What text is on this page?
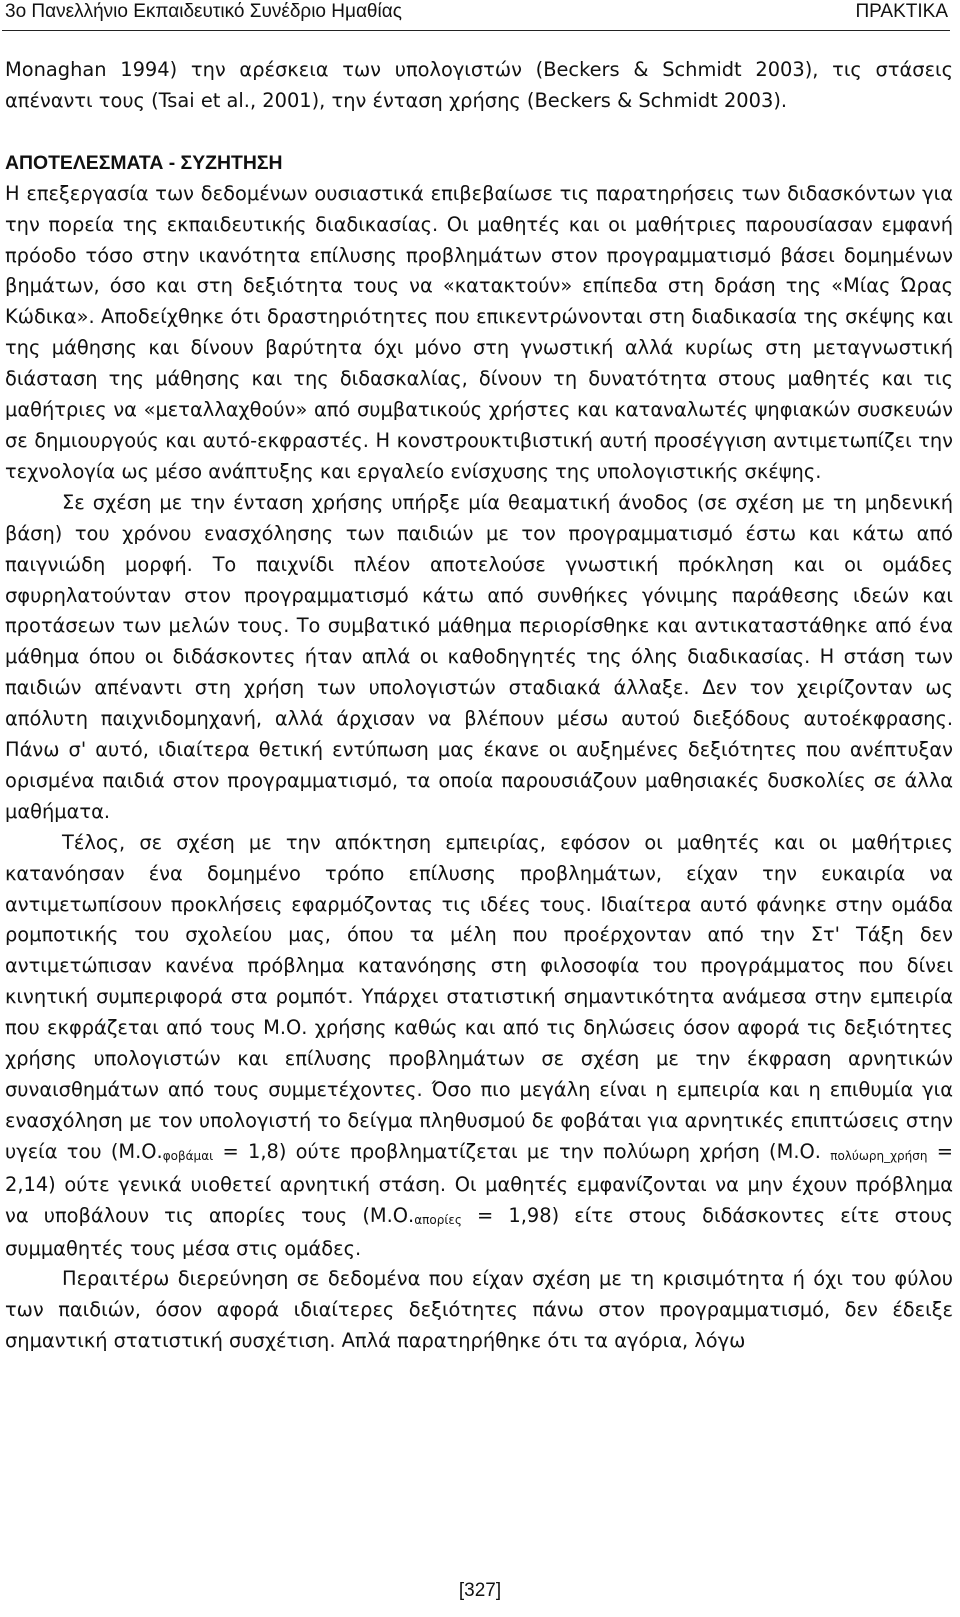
3ο Πανελλήνιο Εκπαιδευτικό Συνέδριο Ημαθίας	ΠΡΑΚΤΙΚΑ

Monaghan 1994) την αρέσκεια των υπολογιστών (Beckers & Schmidt 2003), τις στάσεις απέναντι τους (Tsai et al., 2001), την ένταση χρήσης (Beckers & Schmidt 2003).

ΑΠΟΤΕΛΕΣΜΑΤΑ - ΣΥΖΗΤΗΣΗ

Η επεξεργασία των δεδομένων ουσιαστικά επιβεβαίωσε τις παρατηρήσεις των διδασκόντων για την πορεία της εκπαιδευτικής διαδικασίας. Οι μαθητές και οι μαθήτριες παρουσίασαν εμφανή πρόοδο τόσο στην ικανότητα επίλυσης προβλημάτων στον προγραμματισμό βάσει δομημένων βημάτων, όσο και στη δεξιότητα τους να «κατακτούν» επίπεδα στη δράση της «Μίας Ώρας Κώδικα». Αποδείχθηκε ότι δραστηριότητες που επικεντρώνονται στη διαδικασία της σκέψης και της μάθησης και δίνουν βαρύτητα όχι μόνο στη γνωστική αλλά κυρίως στη μεταγνωστική διάσταση της μάθησης και της διδασκαλίας, δίνουν τη δυνατότητα στους μαθητές και τις μαθήτριες να «μεταλλαχθούν» από συμβατικούς χρήστες και καταναλωτές ψηφιακών συσκευών σε δημιουργούς και αυτό-εκφραστές. Η κονστρουκτιβιστική αυτή προσέγγιση αντιμετωπίζει την τεχνολογία ως μέσο ανάπτυξης και εργαλείο ενίσχυσης της υπολογιστικής σκέψης.

Σε σχέση με την ένταση χρήσης υπήρξε μία θεαματική άνοδος (σε σχέση με τη μηδενική βάση) του χρόνου ενασχόλησης των παιδιών με τον προγραμματισμό έστω και κάτω από παιγνιώδη μορφή. Το παιχνίδι πλέον αποτελούσε γνωστική πρόκληση και οι ομάδες σφυρηλατούνταν στον προγραμματισμό κάτω από συνθήκες γόνιμης παράθεσης ιδεών και προτάσεων των μελών τους. Το συμβατικό μάθημα περιορίσθηκε και αντικαταστάθηκε από ένα μάθημα όπου οι διδάσκοντες ήταν απλά οι καθοδηγητές της όλης διαδικασίας. Η στάση των παιδιών απέναντι στη χρήση των υπολογιστών σταδιακά άλλαξε. Δεν τον χειρίζονταν ως απόλυτη παιχνιδομηχανή, αλλά άρχισαν να βλέπουν μέσω αυτού διεξόδους αυτοέκφρασης. Πάνω σ' αυτό, ιδιαίτερα θετική εντύπωση μας έκανε οι αυξημένες δεξιότητες που ανέπτυξαν ορισμένα παιδιά στον προγραμματισμό, τα οποία παρουσιάζουν μαθησιακές δυσκολίες σε άλλα μαθήματα.

Τέλος, σε σχέση με την απόκτηση εμπειρίας, εφόσον οι μαθητές και οι μαθήτριες κατανόησαν ένα δομημένο τρόπο επίλυσης προβλημάτων, είχαν την ευκαιρία να αντιμετωπίσουν προκλήσεις εφαρμόζοντας τις ιδέες τους. Ιδιαίτερα αυτό φάνηκε στην ομάδα ρομποτικής του σχολείου μας, όπου τα μέλη που προέρχονταν από την Στ' Τάξη δεν αντιμετώπισαν κανένα πρόβλημα κατανόησης στη φιλοσοφία του προγράμματος που δίνει κινητική συμπεριφορά στα ρομπότ. Υπάρχει στατιστική σημαντικότητα ανάμεσα στην εμπειρία που εκφράζεται από τους Μ.Ο. χρήσης καθώς και από τις δηλώσεις όσον αφορά τις δεξιότητες χρήσης υπολογιστών και επίλυσης προβλημάτων σε σχέση με την έκφραση αρνητικών συναισθημάτων από τους συμμετέχοντες. Όσο πιο μεγάλη είναι η εμπειρία και η επιθυμία για ενασχόληση με τον υπολογιστή το δείγμα πληθυσμού δε φοβάται για αρνητικές επιπτώσεις στην υγεία του $(M.O._{\varphi o\beta ά\mu\alpha\iota} = 1,8)$ ούτε προβληματίζεται με την πολύωρη χρήση (Μ.Ο. $_{\pi o\lambda ύ\omega\rho\eta\_\chi\rho ή\sigma\eta}$ = 2,14) ούτε γενικά υιοθετεί αρνητική στάση. Οι μαθητές εμφανίζονται να μην έχουν πρόβλημα να υποβάλουν τις απορίες τους $(M.O._{\alpha\pi o\rho ί\varepsilon\varsigma} = 1,98)$ είτε στους διδάσκοντες είτε στους συμμαθητές τους μέσα στις ομάδες.

Περαιτέρω διερεύνηση σε δεδομένα που είχαν σχέση με τη κρισιμότητα ή όχι του φύλου των παιδιών, όσον αφορά ιδιαίτερες δεξιότητες πάνω στον προγραμματισμό, δεν έδειξε σημαντική στατιστική συσχέτιση. Απλά παρατηρήθηκε ότι τα αγόρια, λόγω

[327]
